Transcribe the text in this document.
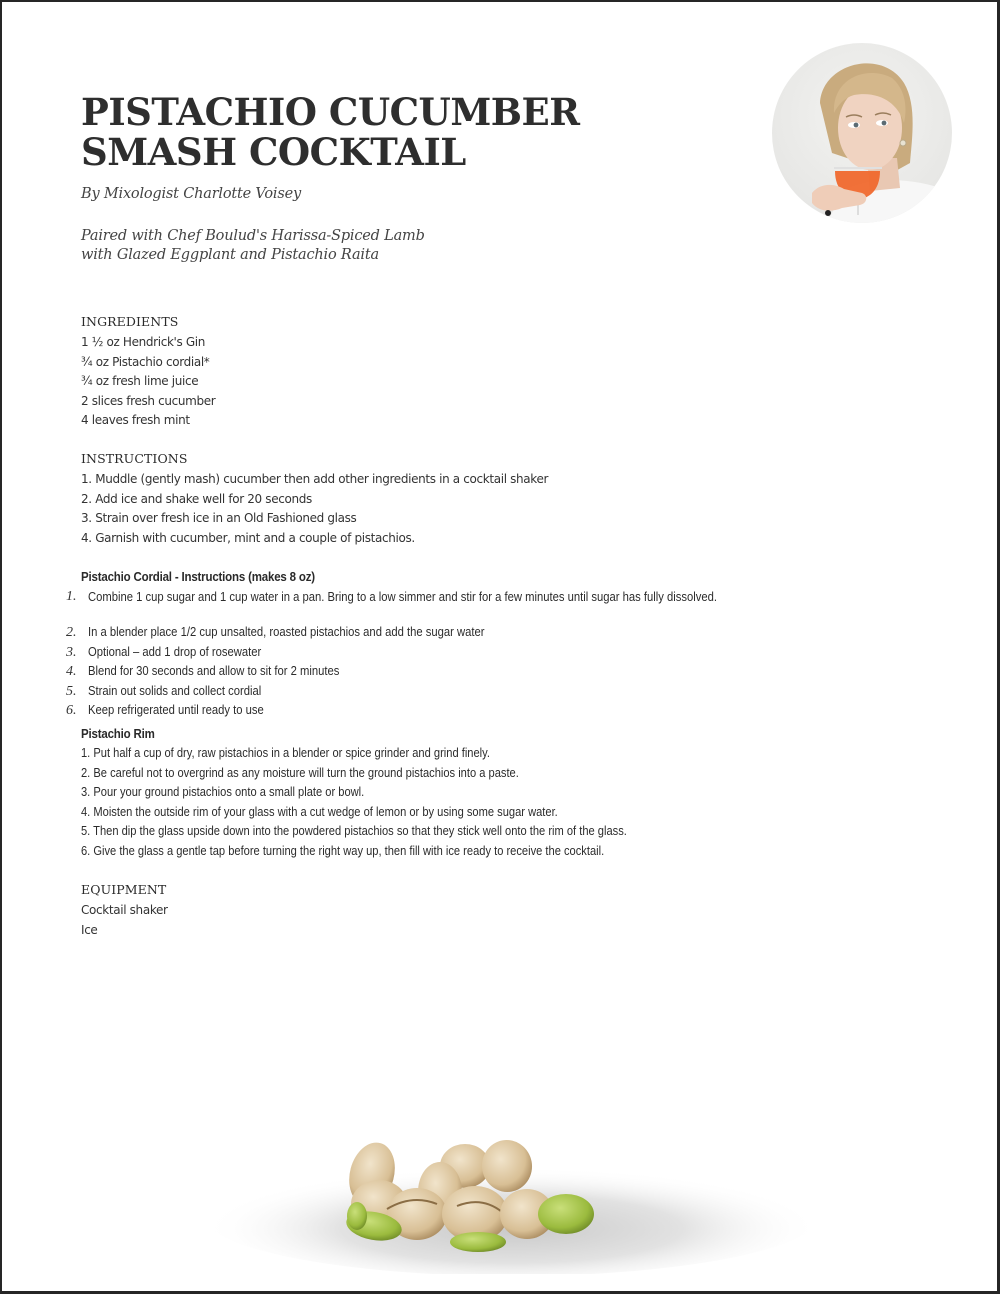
PISTACHIO CUCUMBER
SMASH COCKTAIL
By Mixologist Charlotte Voisey
Paired with Chef Boulud's Harissa-Spiced Lamb
with Glazed Eggplant and Pistachio Raita
INGREDIENTS
1 ½ oz Hendrick's Gin
¾ oz Pistachio cordial*
¾ oz fresh lime juice
2 slices fresh cucumber
4 leaves fresh mint
INSTRUCTIONS
1. Muddle (gently mash) cucumber then add other ingredients in a cocktail shaker
2. Add ice and shake well for 20 seconds
3. Strain over fresh ice in an Old Fashioned glass
4. Garnish with cucumber, mint and a couple of pistachios.
Pistachio Cordial - Instructions (makes 8 oz)
1. Combine 1 cup sugar and 1 cup water in a pan. Bring to a low simmer and stir for a few minutes until sugar has fully dissolved.
2. In a blender place 1/2 cup unsalted, roasted pistachios and add the sugar water
3. Optional – add 1 drop of rosewater
4. Blend for 30 seconds and allow to sit for 2 minutes
5. Strain out solids and collect cordial
6. Keep refrigerated until ready to use
Pistachio Rim
1. Put half a cup of dry, raw pistachios in a blender or spice grinder and grind finely.
2. Be careful not to overgrind as any moisture will turn the ground pistachios into a paste.
3. Pour your ground pistachios onto a small plate or bowl.
4. Moisten the outside rim of your glass with a cut wedge of lemon or by using some sugar water.
5. Then dip the glass upside down into the powdered pistachios so that they stick well onto the rim of the glass.
6. Give the glass a gentle tap before turning the right way up, then fill with ice ready to receive the cocktail.
EQUIPMENT
Cocktail shaker
Ice
